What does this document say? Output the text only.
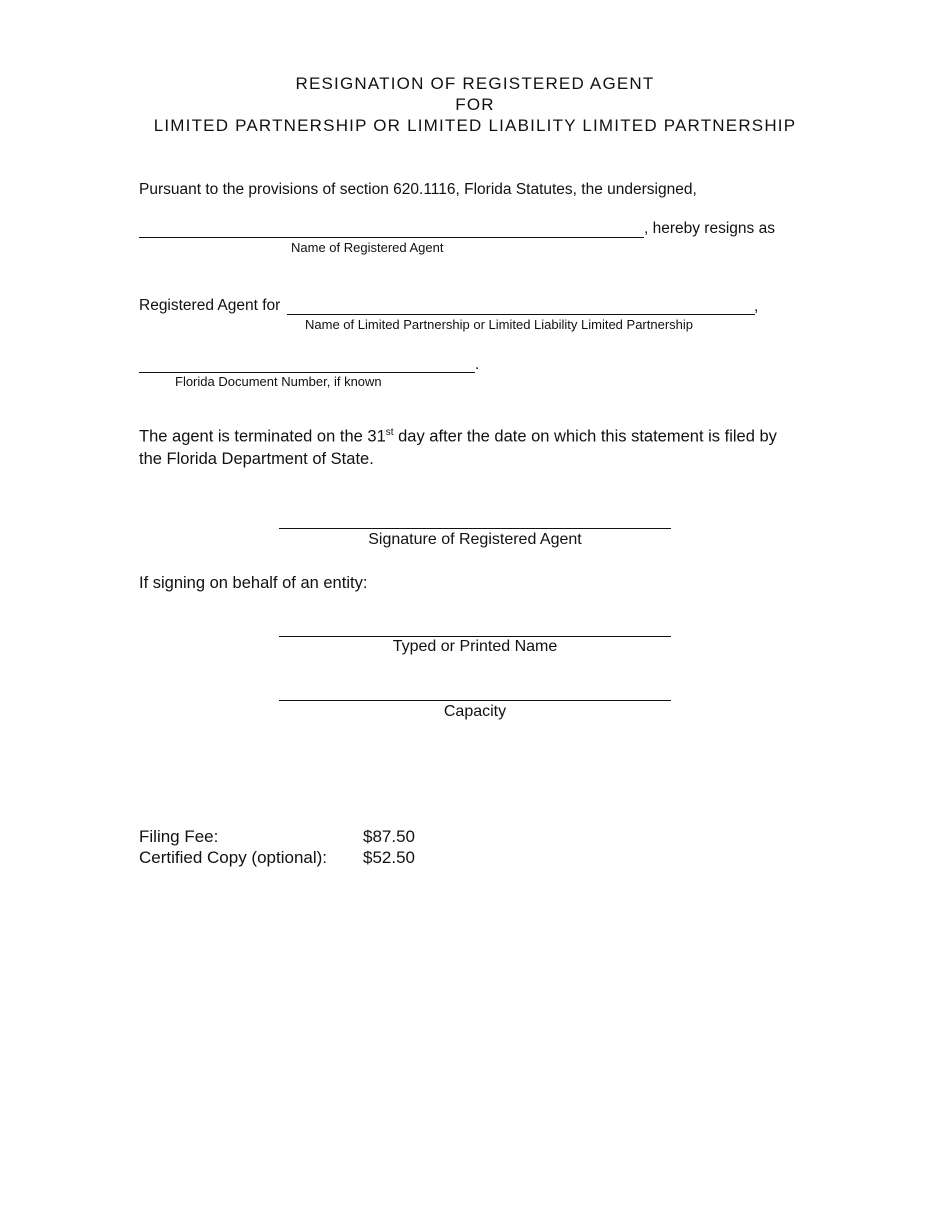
RESIGNATION OF REGISTERED AGENT
FOR
LIMITED PARTNERSHIP OR LIMITED LIABILITY LIMITED PARTNERSHIP
Pursuant to the provisions of section 620.1116, Florida Statutes, the undersigned,
, hereby resigns as
Name of Registered Agent
Registered Agent for	,
Name of Limited Partnership or Limited Liability Limited Partnership
.
Florida Document Number, if known
The agent is terminated on the 31st day after the date on which this statement is filed by
the Florida Department of State.
Signature of Registered Agent
If signing on behalf of an entity:
Typed or Printed Name
Capacity
Filing Fee:	$87.50
Certified Copy (optional): $52.50
